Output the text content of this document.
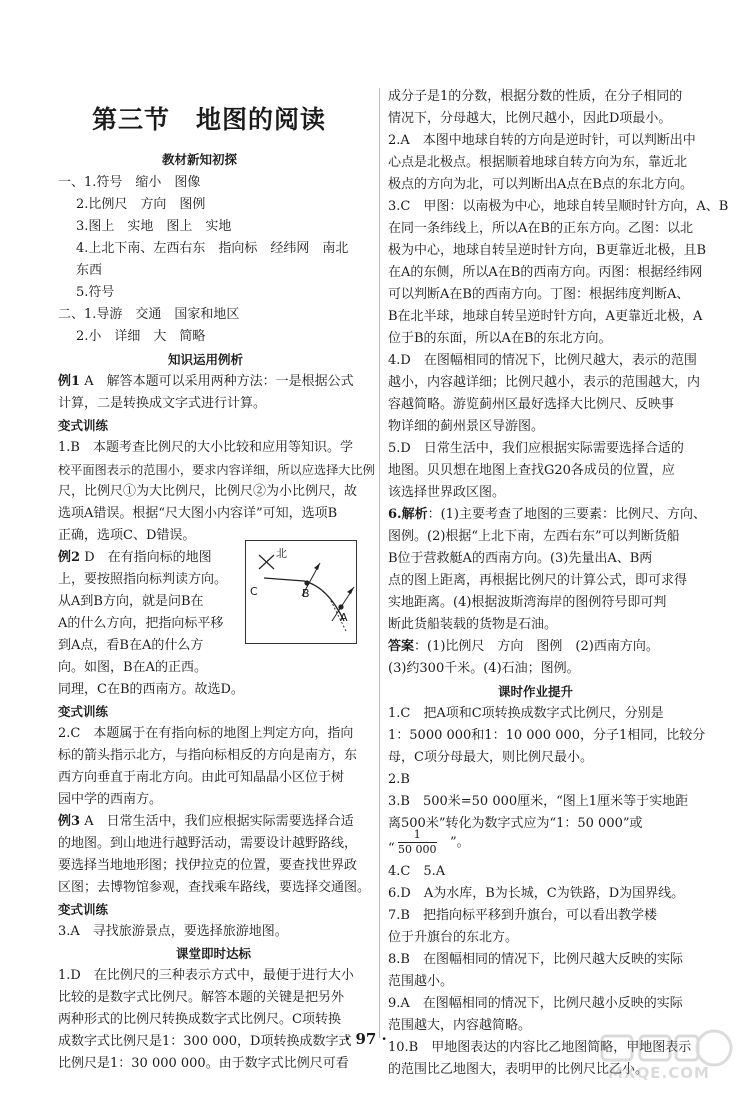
第三节　地图的阅读
教材新知初探
一、1.符号　缩小　图像
2.比例尺　方向　图例
3.图上　实地　图上　实地
4.上北下南、左西右东　指向标　经纬网　南北
东西
5.符号
二、1.导游　交通　国家和地区
2.小　详细　大　简略
知识运用例析
例1 A　解答本题可以采用两种方法：一是根据公式
计算，二是转换成文字式进行计算。
变式训练
1.B　本题考查比例尺的大小比较和应用等知识。学
校平面图表示的范围小，要求内容详细，所以应选择大比例
尺，比例尺①为大比例尺，比例尺②为小比例尺，故
选项A错误。根据“尺大图小内容详”可知，选项B
正确，选项C、D错误。
例2 D　在有指向标的地图
上，要按照指向标判读方向。
从A到B方向，就是问B在
A的什么方向，把指向标平移
到A点，看B在A的什么方
向。如图，B在A的正西。
同理，C在B的西南方。故选D。
变式训练
2.C　本题属于在有指向标的地图上判定方向，指向
标的箭头指示北方，与指向标相反的方向是南方，东
西方向垂直于南北方向。由此可知晶晶小区位于树
园中学的西南方。
例3 A　日常生活中，我们应根据实际需要选择合适
的地图。到山地进行越野活动，需要设计越野路线，
要选择当地地形图；找伊拉克的位置，要查找世界政
区图；去博物馆参观，查找乘车路线，要选择交通图。
变式训练
3.A　寻找旅游景点，要选择旅游地图。
课堂即时达标
1.D　在比例尺的三种表示方式中，最便于进行大小
比较的是数字式比例尺。解答本题的关键是把另外
两种形式的比例尺转换成数字式比例尺。C项转换
成数字式比例尺是1：300 000，D项转换成数字式
比例尺是1：30 000 000。由于数字式比例尺可看
北
C	B
A
成分子是1的分数，根据分数的性质，在分子相同的
情况下，分母越大，比例尺越小，因此D项最小。
2.A　本图中地球自转的方向是逆时针，可以判断出中
心点是北极点。根据顺着地球自转方向为东，靠近北
极点的方向为北，可以判断出A点在B点的东北方向。
3.C　甲图：以南极为中心，地球自转呈顺时针方向，A、B
在同一条纬线上，所以A在B的正东方向。乙图：以北
极为中心，地球自转呈逆时针方向，B更靠近北极，且B
在A的东侧，所以A在B的西南方向。丙图：根据经纬网
可以判断A在B的西南方向。丁图：根据纬度判断A、
B在北半球，地球自转呈逆时针方向，A更靠近北极，A
位于B的东面，所以A在B的东北方向。
4.D　在图幅相同的情况下，比例尺越大，表示的范围
越小，内容越详细；比例尺越小，表示的范围越大，内
容越简略。游览蓟州区最好选择大比例尺、反映事
物详细的蓟州景区导游图。
5.D　日常生活中，我们应根据实际需要选择合适的
地图。贝贝想在地图上查找G20各成员的位置，应
该选择世界政区图。
6.解析：(1)主要考查了地图的三要素：比例尺、方向、
图例。(2)根据“上北下南，左西右东”可以判断货船
B位于营救艇A的西南方向。(3)先量出A、B两
点的图上距离，再根据比例尺的计算公式，即可求得
实地距离。(4)根据波斯湾海岸的图例符号即可判
断此货船装载的货物是石油。
答案：(1)比例尺　方向　图例　(2)西南方向。
(3)约300千米。(4)石油；图例。
课时作业提升
1.C　把A项和C项转换成数字式比例尺，分别是
1：5000 000和1：10 000 000，分子1相同，比较分
母，C项分母最大，则比例尺最小。
2.B
3.B　500米=50 000厘米，“图上1厘米等于实地距
离500米”转化为数字式应为“1：50 000”或
“ $\frac{1}{50 000}$ ”。
4.C　5.A
6.D　A为水库，B为长城，C为铁路，D为国界线。
7.B　把指向标平移到升旗台，可以看出教学楼
位于升旗台的东北方。
8.B　在图幅相同的情况下，比例尺越大反映的实际
范围越小。
9.A　在图幅相同的情况下，比例尺越小反映的实际
范围越大，内容越简略。
10.B　甲地图表达的内容比乙地图简略，甲地图表示
的范围比乙地图大，表明甲的比例尺比乙小。
· 97 ·
MXQE.COM
